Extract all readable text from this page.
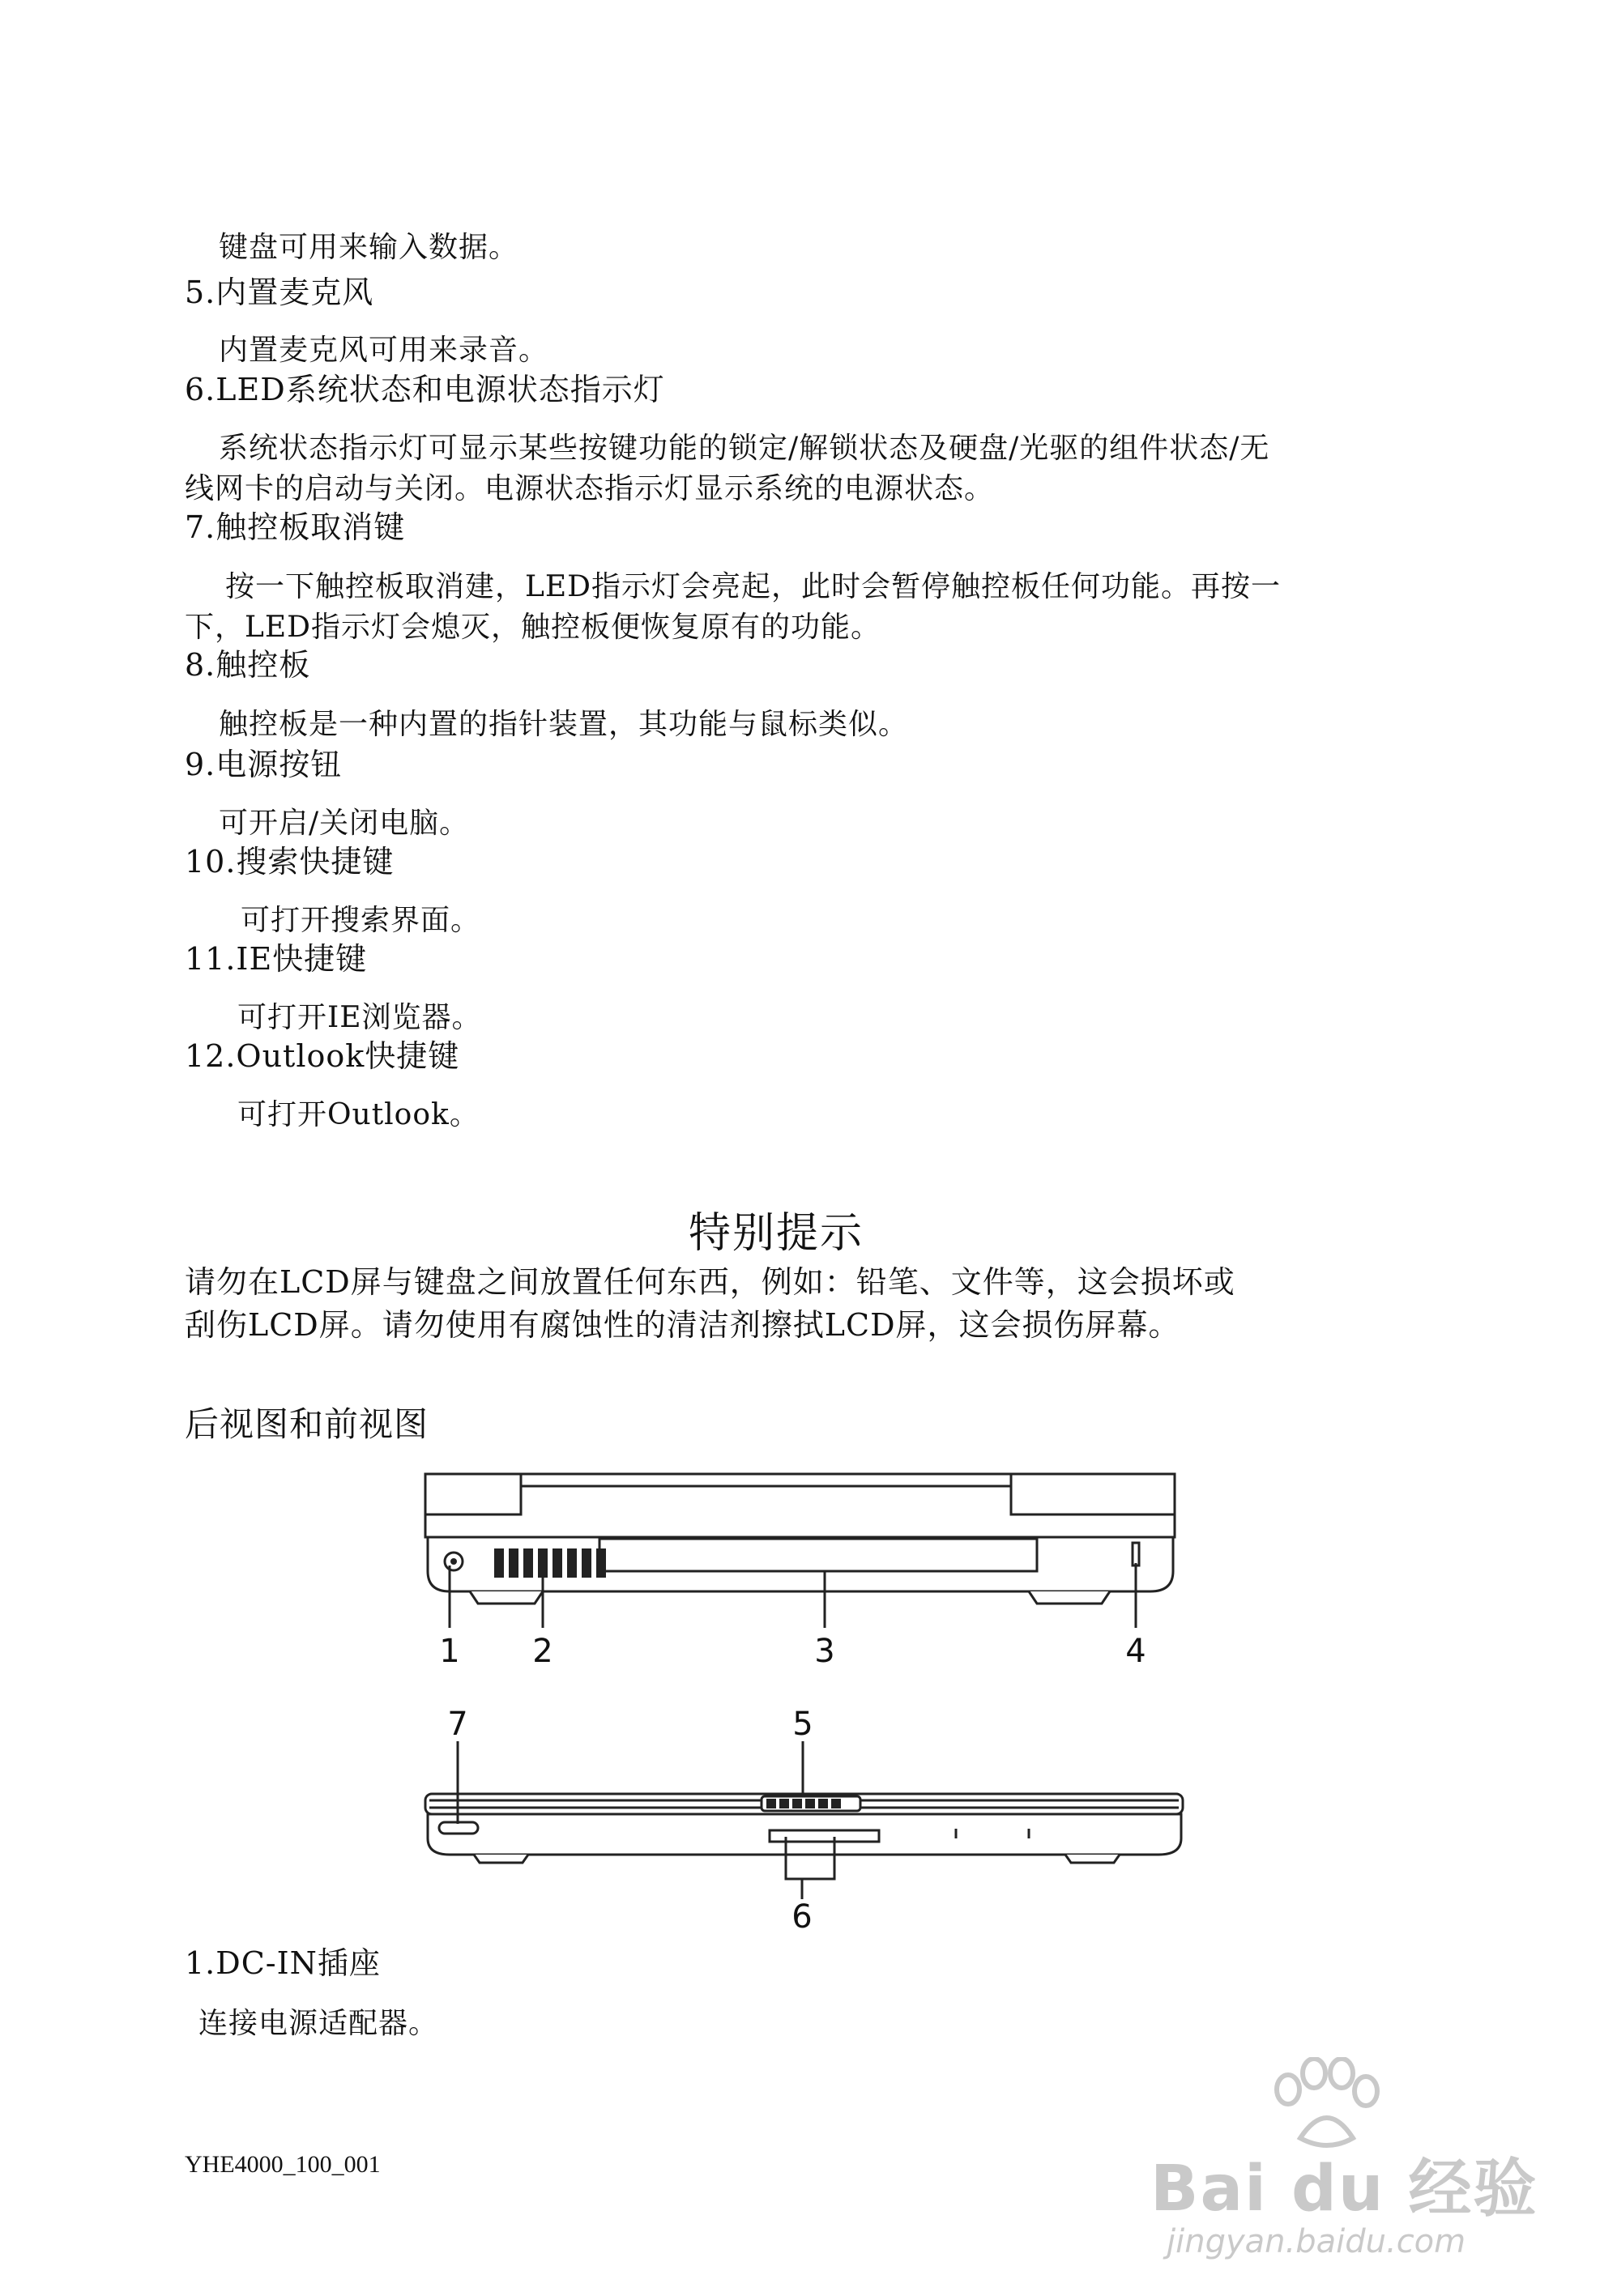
键盘可用来输入数据。
5.内置麦克风
内置麦克风可用来录音。
6.LED系统状态和电源状态指示灯
系统状态指示灯可显示某些按键功能的锁定/解锁状态及硬盘/光驱的组件状态/无
线网卡的启动与关闭。电源状态指示灯显示系统的电源状态。
7.触控板取消键
按一下触控板取消建，LED指示灯会亮起，此时会暂停触控板任何功能。再按一
下，LED指示灯会熄灭，触控板便恢复原有的功能。
8.触控板
触控板是一种内置的指针装置，其功能与鼠标类似。
9.电源按钮
可开启/关闭电脑。
10.搜索快捷键
可打开搜索界面。
11.IE快捷键
可打开IE浏览器。
12.Outlook快捷键
可打开Outlook。
特别提示
请勿在LCD屏与键盘之间放置任何东西，例如：铅笔、文件等，这会损坏或
刮伤LCD屏。请勿使用有腐蚀性的清洁剂擦拭LCD屏，这会损伤屏幕。
后视图和前视图
1 2	3	4
7	5
6
1.DC-IN插座
连接电源适配器。
YHE4000_100_001	Bai du 经验
jingyan.baidu.com
